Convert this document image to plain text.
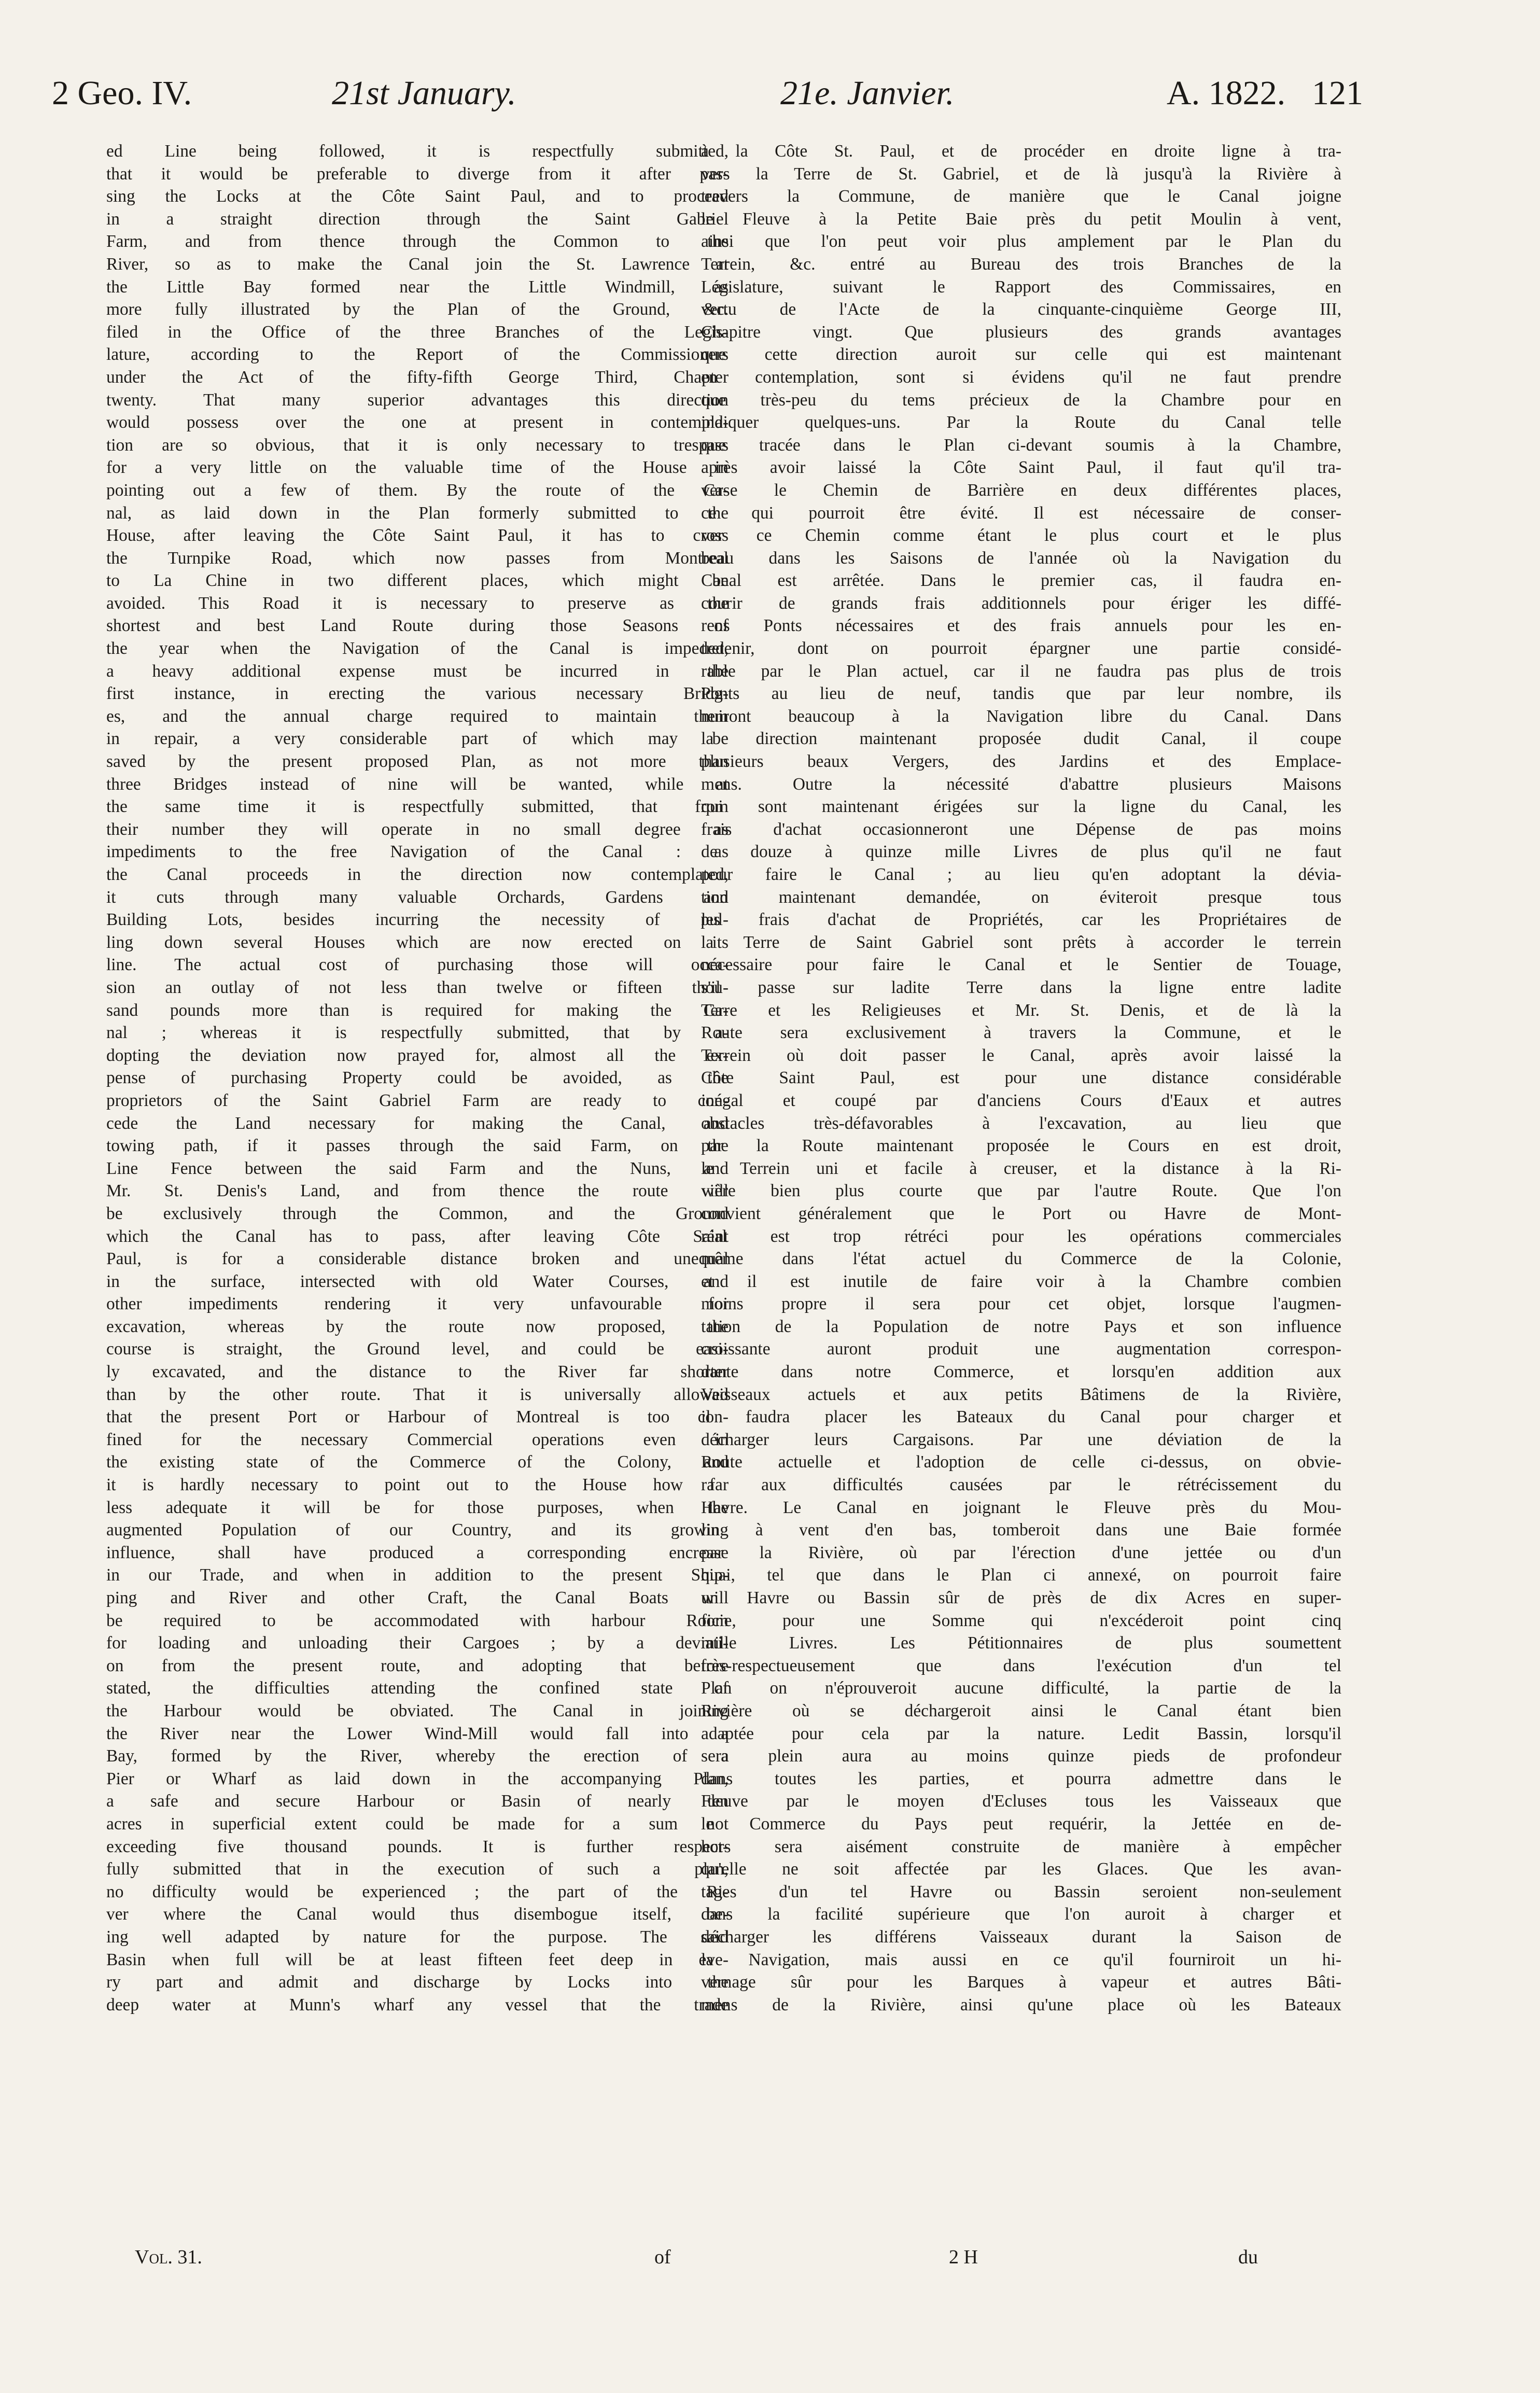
2 Geo. IV.	21st January.	21e. Janvier.	A. 1822. 121
ed Line being followed, it is respectfully submitted,
that it would be preferable to diverge from it after pas-
sing the Locks at the Côte Saint Paul, and to proceed
in a straight direction through the Saint Gabriel
Farm, and from thence through the Common to the
River, so as to make the Canal join the St. Lawrence at
the Little Bay formed near the Little Windmill, as
more fully illustrated by the Plan of the Ground, &c.
filed in the Office of the three Branches of the Legis-
lature, according to the Report of the Commissioners
under the Act of the fifty-fifth George Third, Chapter
twenty. That many superior advantages this direction
would possess over the one at present in contempla-
tion are so obvious, that it is only necessary to trespass
for a very little on the valuable time of the House in
pointing out a few of them. By the route of the Ca-
nal, as laid down in the Plan formerly submitted to the
House, after leaving the Côte Saint Paul, it has to cross
the Turnpike Road, which now passes from Montreal
to La Chine in two different places, which might be
avoided. This Road it is necessary to preserve as the
shortest and best Land Route during those Seasons of
the year when the Navigation of the Canal is impeded,
a heavy additional expense must be incurred in the
first instance, in erecting the various necessary Bridg-
es, and the annual charge required to maintain them
in repair, a very considerable part of which may be
saved by the present proposed Plan, as not more than
three Bridges instead of nine will be wanted, while at
the same time it is respectfully submitted, that from
their number they will operate in no small degree as
impediments to the free Navigation of the Canal : as
the Canal proceeds in the direction now contemplated,
it cuts through many valuable Orchards, Gardens and
Building Lots, besides incurring the necessity of pul-
ling down several Houses which are now erected on its
line. The actual cost of purchasing those will occa-
sion an outlay of not less than twelve or fifteen thou-
sand pounds more than is required for making the Ca-
nal ; whereas it is respectfully submitted, that by a-
dopting the deviation now prayed for, almost all the ex-
pense of purchasing Property could be avoided, as the
proprietors of the Saint Gabriel Farm are ready to con-
cede the Land necessary for making the Canal, and
towing path, if it passes through the said Farm, on the
Line Fence between the said Farm and the Nuns, and
Mr. St. Denis's Land, and from thence the route will
be exclusively through the Common, and the Ground
which the Canal has to pass, after leaving Côte Saint
Paul, is for a considerable distance broken and unequal
in the surface, intersected with old Water Courses, and
other impediments rendering it very unfavourable for
excavation, whereas by the route now proposed, the
course is straight, the Ground level, and could be easi-
ly excavated, and the distance to the River far shorter
than by the other route. That it is universally allowed
that the present Port or Harbour of Montreal is too con-
fined for the necessary Commercial operations even in
the existing state of the Commerce of the Colony, and
it is hardly necessary to point out to the House how far
less adequate it will be for those purposes, when the
augmented Population of our Country, and its growing
influence, shall have produced a corresponding encrease
in our Trade, and when in addition to the present Ship-
ping and River and other Craft, the Canal Boats will
be required to be accommodated with harbour Room
for loading and unloading their Cargoes ; by a deviati-
on from the present route, and adopting that before
stated, the difficulties attending the confined state of
the Harbour would be obviated. The Canal in joining
the River near the Lower Wind-Mill would fall into a
Bay, formed by the River, whereby the erection of a
Pier or Wharf as laid down in the accompanying Plan,
a safe and secure Harbour or Basin of nearly ten
acres in superficial extent could be made for a sum not
exceeding five thousand pounds. It is further respect-
fully submitted that in the execution of such a plan,
no difficulty would be experienced ; the part of the Ri-
ver where the Canal would thus disembogue itself, be-
ing well adapted by nature for the purpose. The said
Basin when full will be at least fifteen feet deep in eve-
ry part and admit and discharge by Locks into the
deep water at Munn's wharf any vessel that the trade
à la Côte St. Paul, et de procéder en droite ligne à tra-
vers la Terre de St. Gabriel, et de là jusqu'à la Rivière à
travers la Commune, de manière que le Canal joigne
le Fleuve à la Petite Baie près du petit Moulin à vent,
ainsi que l'on peut voir plus amplement par le Plan du
Terrein, &c. entré au Bureau des trois Branches de la
Législature, suivant le Rapport des Commissaires, en
vertu de l'Acte de la cinquante-cinquième George III,
Chapitre vingt. Que plusieurs des grands avantages
que cette direction auroit sur celle qui est maintenant
en contemplation, sont si évidens qu'il ne faut prendre
que très-peu du tems précieux de la Chambre pour en
indiquer quelques-uns. Par la Route du Canal telle
que tracée dans le Plan ci-devant soumis à la Chambre,
après avoir laissé la Côte Saint Paul, il faut qu'il tra-
verse le Chemin de Barrière en deux différentes places,
ce qui pourroit être évité. Il est nécessaire de conser-
ver ce Chemin comme étant le plus court et le plus
beau dans les Saisons de l'année où la Navigation du
Canal est arrêtée. Dans le premier cas, il faudra en-
courir de grands frais additionnels pour ériger les diffé-
rens Ponts nécessaires et des frais annuels pour les en-
tretenir, dont on pourroit épargner une partie considé-
rable par le Plan actuel, car il ne faudra pas plus de trois
Ponts au lieu de neuf, tandis que par leur nombre, ils
nuiront beaucoup à la Navigation libre du Canal. Dans
la direction maintenant proposée dudit Canal, il coupe
plusieurs beaux Vergers, des Jardins et des Emplace-
mens. Outre la nécessité d'abattre plusieurs Maisons
qui sont maintenant érigées sur la ligne du Canal, les
frais d'achat occasionneront une Dépense de pas moins
de douze à quinze mille Livres de plus qu'il ne faut
pour faire le Canal ; au lieu qu'en adoptant la dévia-
tion maintenant demandée, on éviteroit presque tous
les frais d'achat de Propriétés, car les Propriétaires de
la Terre de Saint Gabriel sont prêts à accorder le terrein
nécessaire pour faire le Canal et le Sentier de Touage,
s'il passe sur ladite Terre dans la ligne entre ladite
Terre et les Religieuses et Mr. St. Denis, et de là la
Route sera exclusivement à travers la Commune, et le
Terrein où doit passer le Canal, après avoir laissé la
Côte Saint Paul, est pour une distance considérable
inégal et coupé par d'anciens Cours d'Eaux et autres
obstacles très-défavorables à l'excavation, au lieu que
par la Route maintenant proposée le Cours en est droit,
le Terrein uni et facile à creuser, et la distance à la Ri-
vière bien plus courte que par l'autre Route. Que l'on
convient généralement que le Port ou Havre de Mont-
réal est trop rétréci pour les opérations commerciales
même dans l'état actuel du Commerce de la Colonie,
et il est inutile de faire voir à la Chambre combien
moins propre il sera pour cet objet, lorsque l'augmen-
tation de la Population de notre Pays et son influence
croissante auront produit une augmentation correspon-
dante dans notre Commerce, et lorsqu'en addition aux
Vaisseaux actuels et aux petits Bâtimens de la Rivière,
il faudra placer les Bateaux du Canal pour charger et
décharger leurs Cargaisons. Par une déviation de la
Route actuelle et l'adoption de celle ci-dessus, on obvie-
ra aux difficultés causées par le rétrécissement du
Havre. Le Canal en joignant le Fleuve près du Mou-
lin à vent d'en bas, tomberoit dans une Baie formée
par la Rivière, où par l'érection d'une jettée ou d'un
quai, tel que dans le Plan ci annexé, on pourroit faire
un Havre ou Bassin sûr de près de dix Acres en super-
ficie, pour une Somme qui n'excéderoit point cinq
mille Livres. Les Pétitionnaires de plus soumettent
très-respectueusement que dans l'exécution d'un tel
Plan on n'éprouveroit aucune difficulté, la partie de la
Rivière où se déchargeroit ainsi le Canal étant bien
adaptée pour cela par la nature. Ledit Bassin, lorsqu'il
sera plein aura au moins quinze pieds de profondeur
dans toutes les parties, et pourra admettre dans le
Fleuve par le moyen d'Ecluses tous les Vaisseaux que
le Commerce du Pays peut requérir, la Jettée en de-
hors sera aisément construite de manière à empêcher
qu'elle ne soit affectée par les Glaces. Que les avan-
tages d'un tel Havre ou Bassin seroient non-seulement
dans la facilité supérieure que l'on auroit à charger et
décharger les différens Vaisseaux durant la Saison de
la Navigation, mais aussi en ce qu'il fourniroit un hi-
vernage sûr pour les Barques à vapeur et autres Bâti-
mens de la Rivière, ainsi qu'une place où les Bateaux
Vol. 31.	of	2 H	du
